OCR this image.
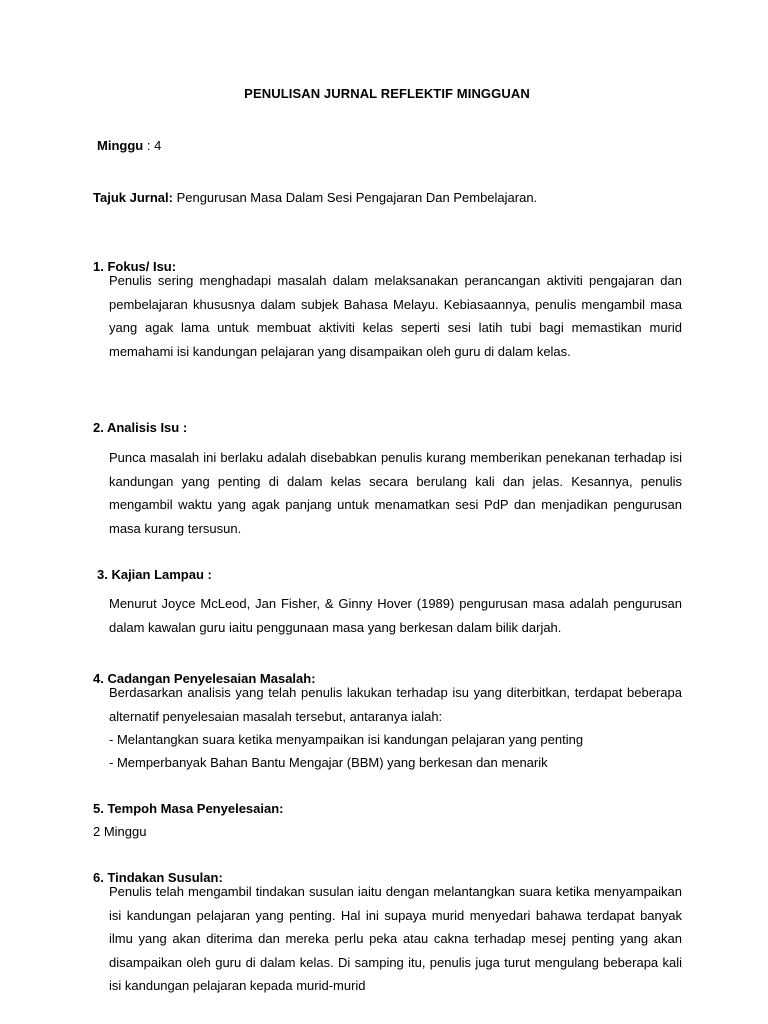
PENULISAN JURNAL REFLEKTIF MINGGUAN
Minggu : 4
Tajuk Jurnal: Pengurusan Masa Dalam Sesi Pengajaran Dan Pembelajaran.
1. Fokus/ Isu:

Penulis sering menghadapi masalah dalam melaksanakan perancangan aktiviti pengajaran dan pembelajaran khususnya dalam subjek Bahasa Melayu. Kebiasaannya, penulis mengambil masa yang agak lama untuk membuat aktiviti kelas seperti sesi latih tubi bagi memastikan murid memahami isi kandungan pelajaran yang disampaikan oleh guru di dalam kelas.

2. Analisis Isu :

Punca masalah ini berlaku adalah disebabkan penulis kurang memberikan penekanan terhadap isi kandungan yang penting di dalam kelas secara berulang kali dan jelas. Kesannya, penulis mengambil waktu yang agak panjang untuk menamatkan sesi PdP dan menjadikan pengurusan masa kurang tersusun.

3. Kajian Lampau :

Menurut Joyce McLeod, Jan Fisher, & Ginny Hover (1989) pengurusan masa adalah pengurusan dalam kawalan guru iaitu penggunaan masa yang berkesan dalam bilik darjah.

4. Cadangan Penyelesaian Masalah:

Berdasarkan analisis yang telah penulis lakukan terhadap isu yang diterbitkan, terdapat beberapa alternatif penyelesaian masalah tersebut, antaranya ialah:

- Melantangkan suara ketika menyampaikan isi kandungan pelajaran yang penting
- Memperbanyak Bahan Bantu Mengajar (BBM) yang berkesan dan menarik
5. Tempoh Masa Penyelesaian:
2 Minggu
6. Tindakan Susulan:

Penulis telah mengambil tindakan susulan iaitu dengan melantangkan suara ketika menyampaikan isi kandungan pelajaran yang penting. Hal ini supaya murid menyedari bahawa terdapat banyak ilmu yang akan diterima dan mereka perlu peka atau cakna terhadap mesej penting yang akan disampaikan oleh guru di dalam kelas. Di samping itu, penulis juga turut mengulang beberapa kali isi kandungan pelajaran kepada murid-murid
